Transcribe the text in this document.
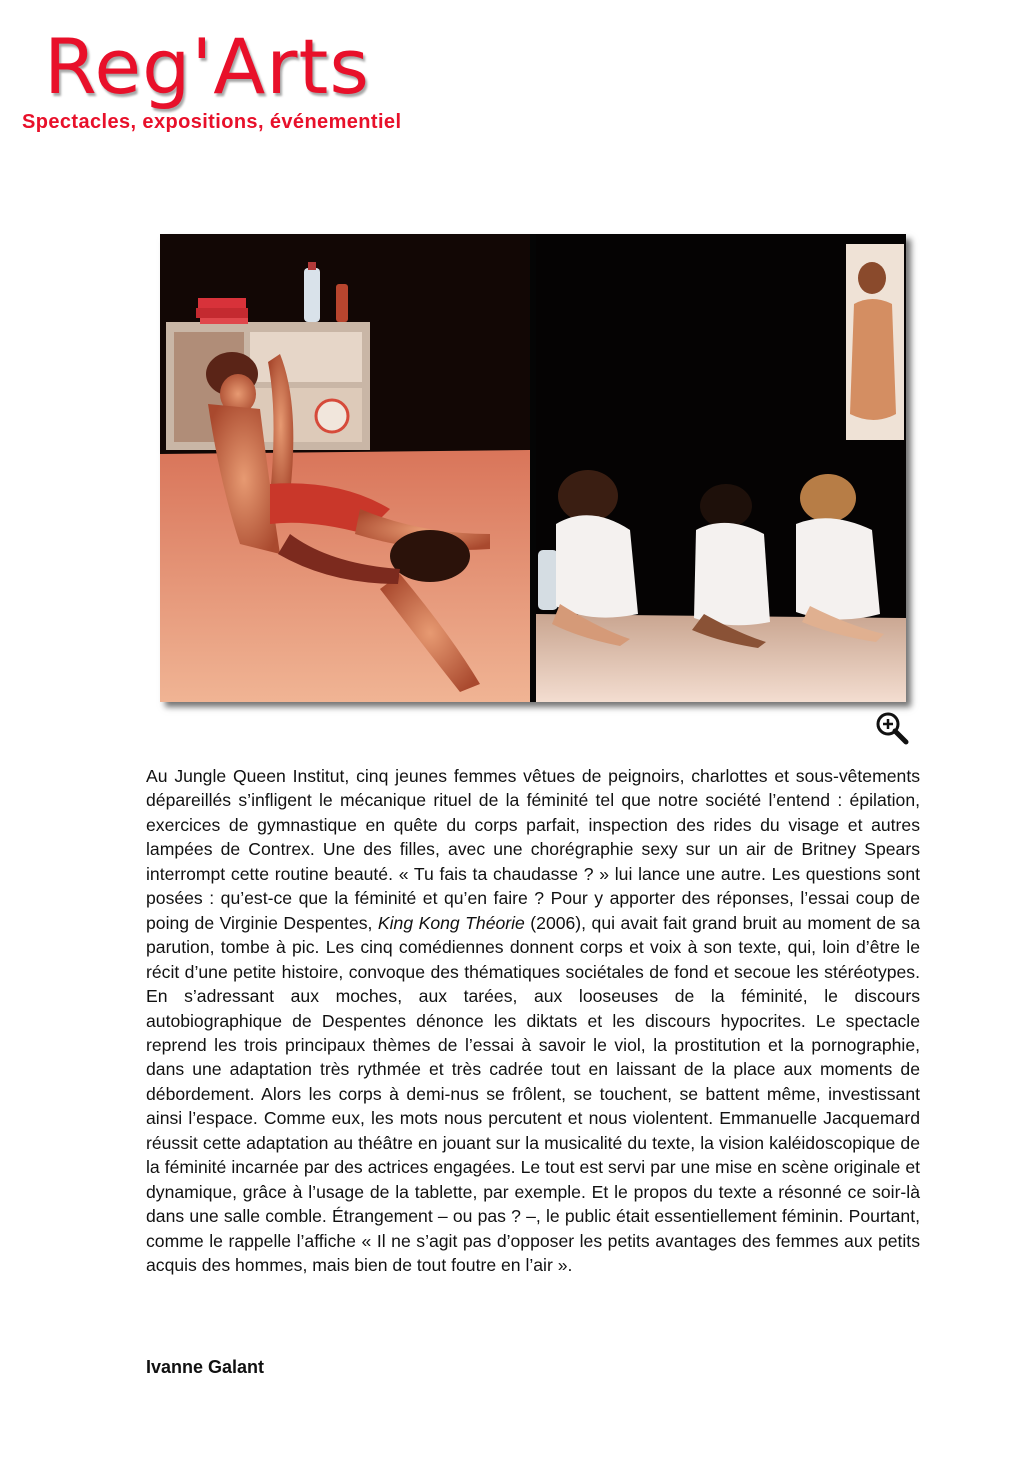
Reg'Arts
Spectacles, expositions, événementiel

Au Jungle Queen Institut, cinq jeunes femmes vêtues de peignoirs, charlottes et sous-vêtements dépareillés s’infligent le mécanique rituel de la féminité tel que notre société l’entend : épilation, exercices de gymnastique en quête du corps parfait, inspection des rides du visage et autres lampées de Contrex. Une des filles, avec une chorégraphie sexy sur un air de Britney Spears interrompt cette routine beauté. « Tu fais ta chaudasse ? » lui lance une autre. Les questions sont posées : qu’est-ce que la féminité et qu’en faire ? Pour y apporter des réponses, l’essai coup de poing de Virginie Despentes, King Kong Théorie (2006), qui avait fait grand bruit au moment de sa parution, tombe à pic. Les cinq comédiennes donnent corps et voix à son texte, qui, loin d’être le récit d’une petite histoire, convoque des thématiques sociétales de fond et secoue les stéréotypes. En s’adressant aux moches, aux tarées, aux looseuses de la féminité, le discours autobiographique de Despentes dénonce les diktats et les discours hypocrites. Le spectacle reprend les trois principaux thèmes de l’essai à savoir le viol, la prostitution et la pornographie, dans une adaptation très rythmée et très cadrée tout en laissant de la place aux moments de débordement. Alors les corps à demi-nus se frôlent, se touchent, se battent même, investissant ainsi l’espace. Comme eux, les mots nous percutent et nous violentent. Emmanuelle Jacquemard réussit cette adaptation au théâtre en jouant sur la musicalité du texte, la vision kaléidoscopique de la féminité incarnée par des actrices engagées. Le tout est servi par une mise en scène originale et dynamique, grâce à l’usage de la tablette, par exemple. Et le propos du texte a résonné ce soir-là dans une salle comble. Étrangement – ou pas ? –, le public était essentiellement féminin. Pourtant, comme le rappelle l’affiche « Il ne s’agit pas d’opposer les petits avantages des femmes aux petits acquis des hommes, mais bien de tout foutre en l’air ».

Ivanne Galant
